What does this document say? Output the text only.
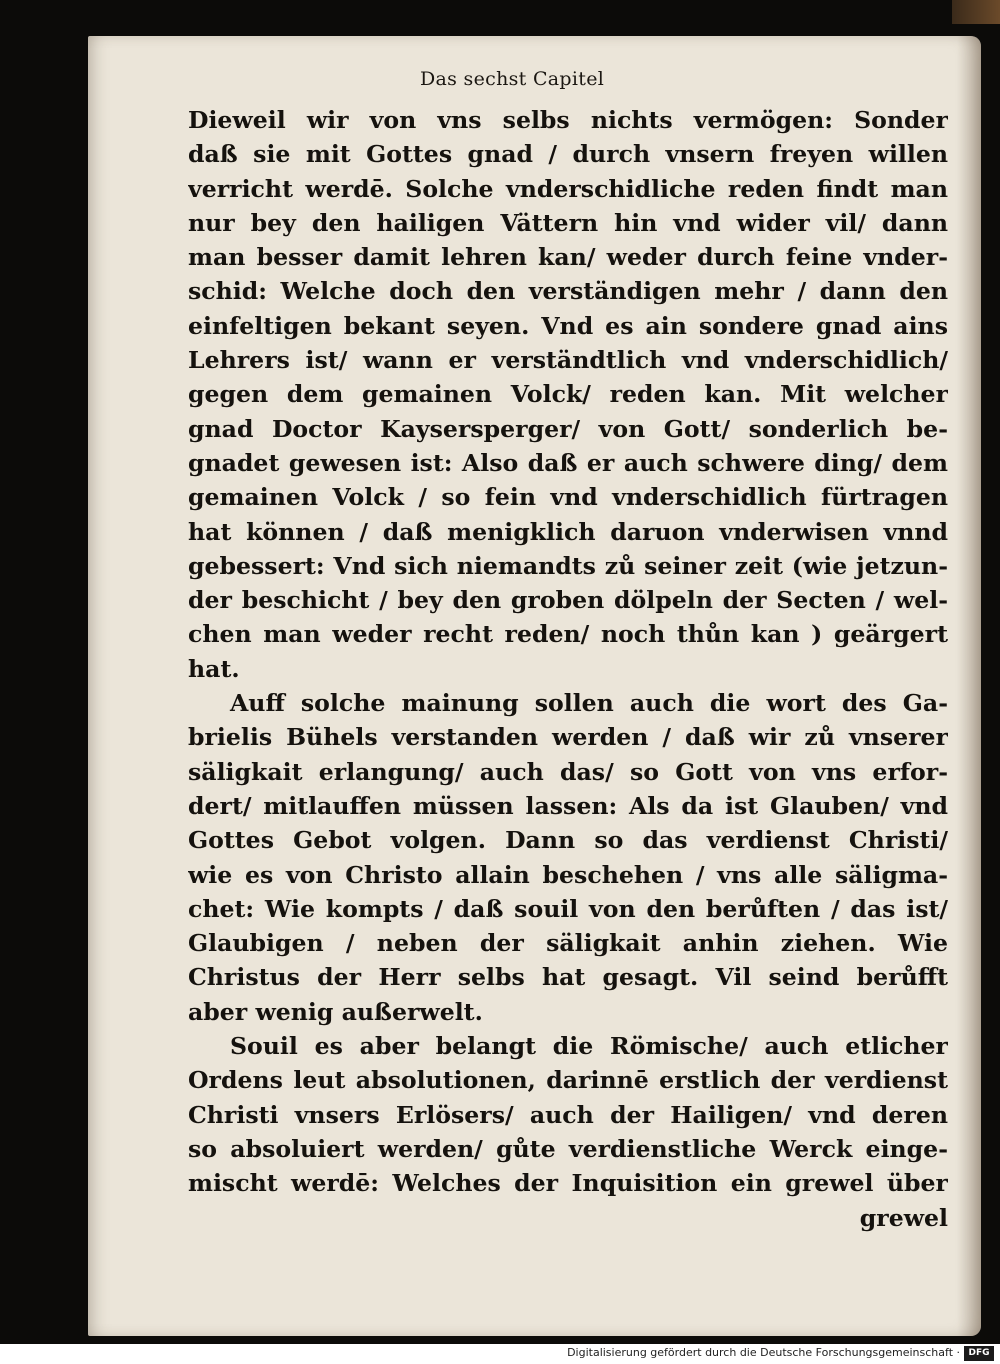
Das sechst Capitel
Dieweil wir von vns selbs nichts vermögen: Sonder
daß sie mit Gottes gnad / durch vnsern freyen willen
verricht werdē. Solche vnderschidliche reden findt man
nur bey den hailigen Vättern hin vnd wider vil/ dann
man besser damit lehren kan/ weder durch feine vnder-
schid: Welche doch den verständigen mehr / dann den
einfeltigen bekant seyen. Vnd es ain sondere gnad ains
Lehrers ist/ wann er verständtlich vnd vnderschidlich/
gegen dem gemainen Volck/ reden kan. Mit welcher
gnad Doctor Kaysersperger/ von Gott/ sonderlich be-
gnadet gewesen ist: Also daß er auch schwere ding/ dem
gemainen Volck / so fein vnd vnderschidlich fürtragen
hat können / daß menigklich daruon vnderwisen vnnd
gebessert: Vnd sich niemandts zů seiner zeit (wie jetzun-
der beschicht / bey den groben dölpeln der Secten / wel-
chen man weder recht reden/ noch thůn kan ) geärgert
hat.
Auff solche mainung sollen auch die wort des Ga-
brielis Bühels verstanden werden / daß wir zů vnserer
säligkait erlangung/ auch das/ so Gott von vns erfor-
dert/ mitlauffen müssen lassen: Als da ist Glauben/ vnd
Gottes Gebot volgen. Dann so das verdienst Christi/
wie es von Christo allain beschehen / vns alle säligma-
chet: Wie kompts / daß souil von den berůften / das ist/
Glaubigen / neben der säligkait anhin ziehen. Wie
Christus der Herr selbs hat gesagt. Vil seind berůfft
aber wenig außerwelt.
Souil es aber belangt die Römische/ auch etlicher
Ordens leut absolutionen, darinnē erstlich der verdienst
Christi vnsers Erlösers/ auch der Hailigen/ vnd deren
so absoluiert werden/ gůte verdienstliche Werck einge-
mischt werdē: Welches der Inquisition ein grewel über
grewel
Digitalisierung gefördert durch die Deutsche Forschungsgemeinschaft · DFG
